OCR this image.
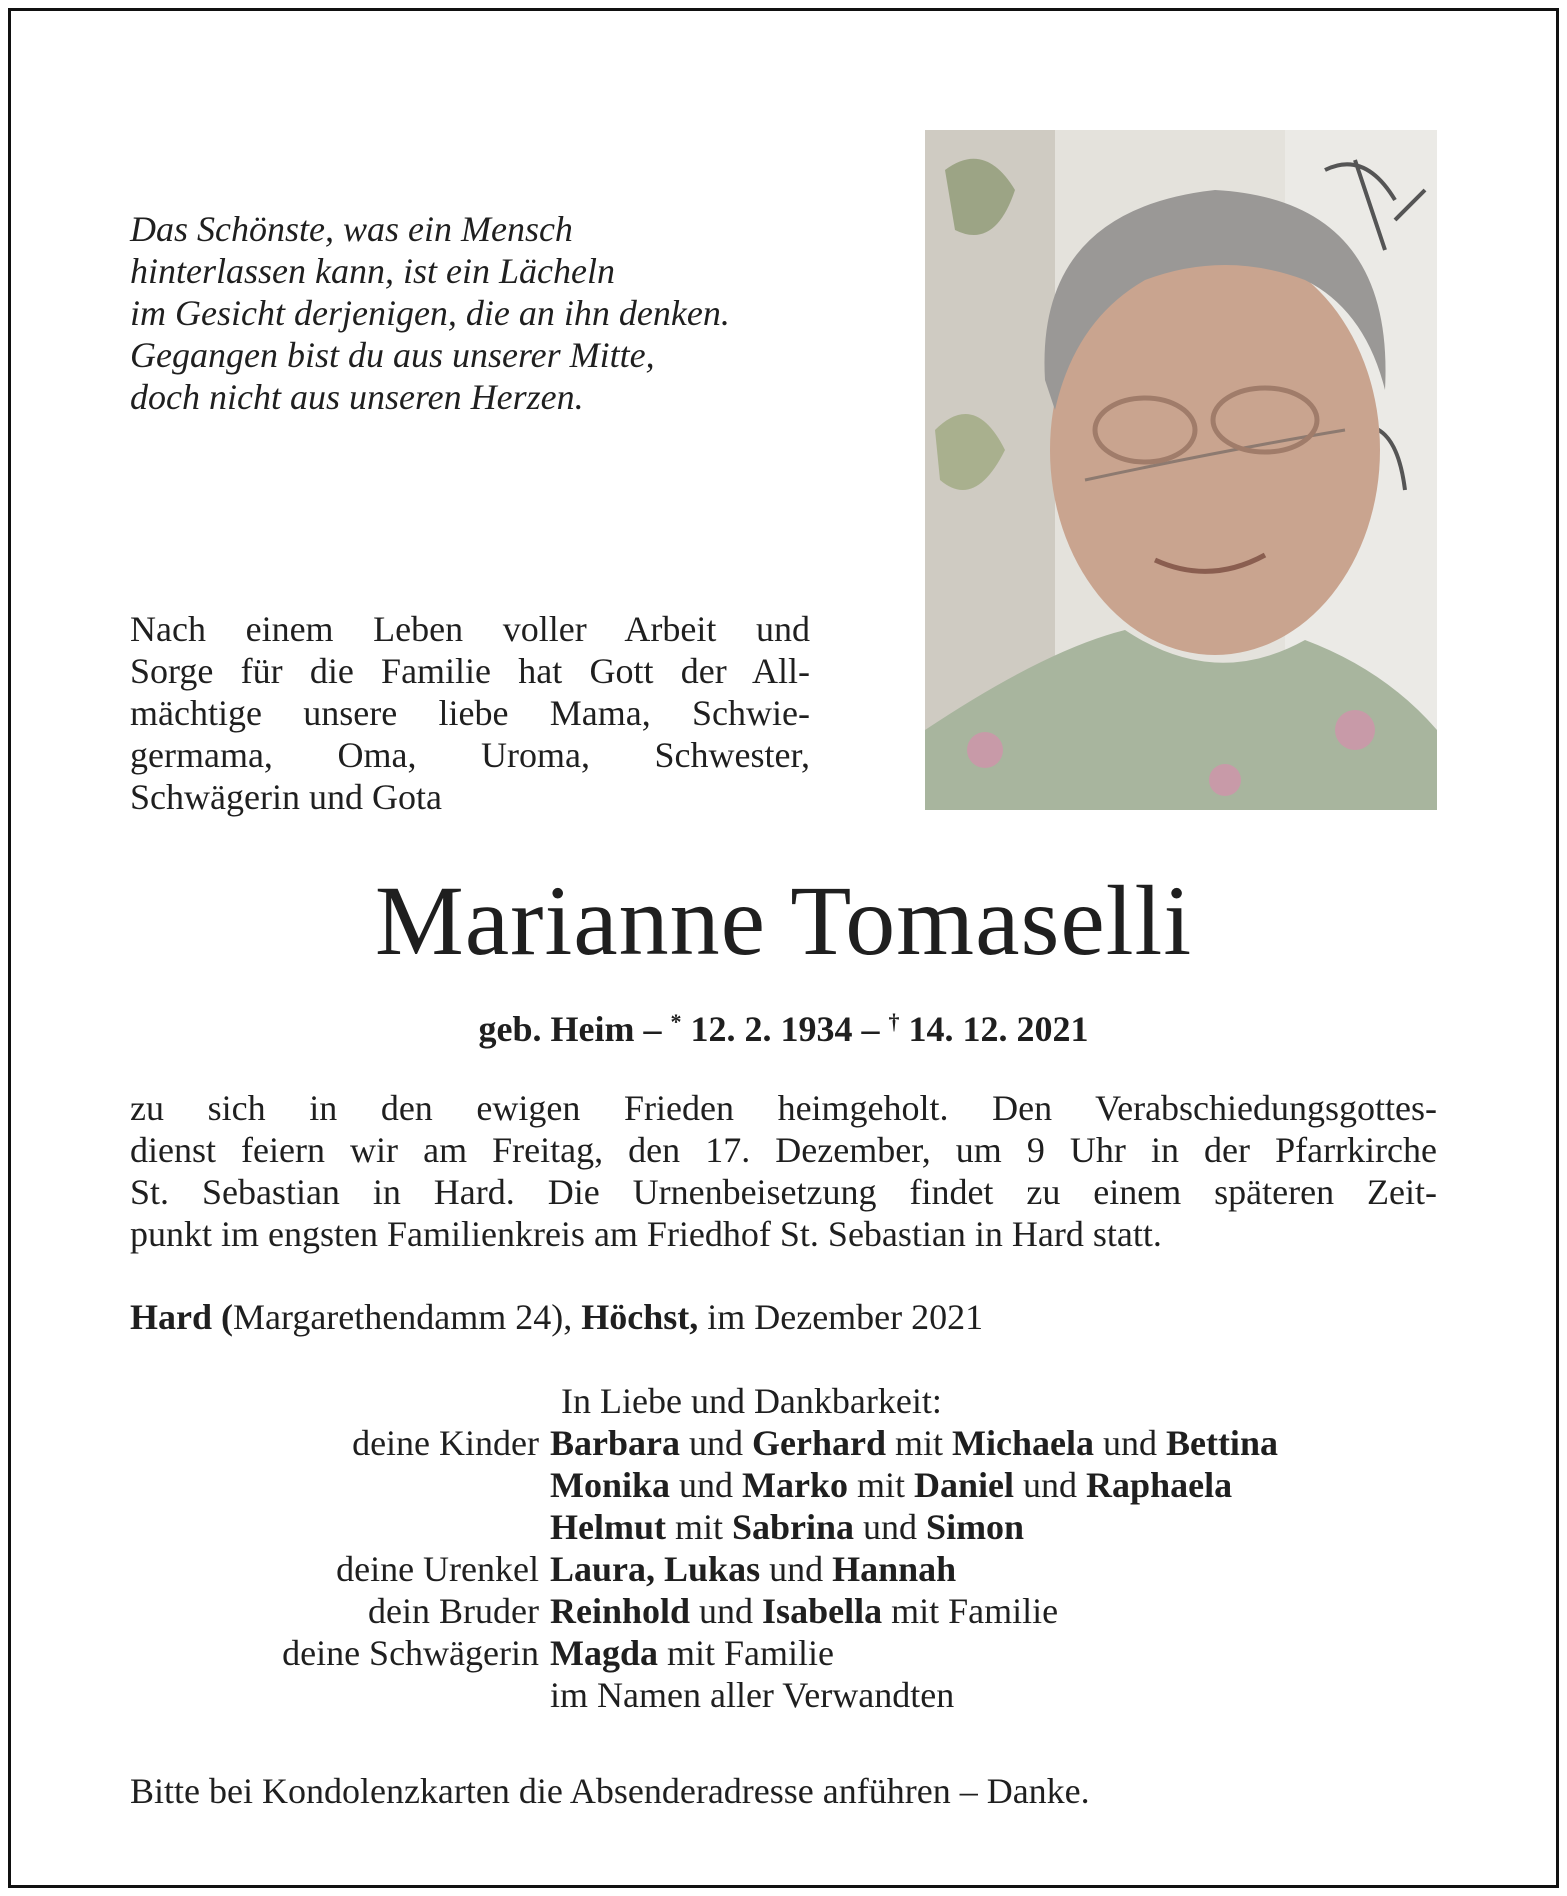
Das Schönste, was ein Mensch
hinterlassen kann, ist ein Lächeln
im Gesicht derjenigen, die an ihn denken.
Gegangen bist du aus unserer Mitte,
doch nicht aus unseren Herzen.
Nach einem Leben voller Arbeit und
Sorge für die Familie hat Gott der All-
mächtige unsere liebe Mama, Schwie-
germama, Oma, Uroma, Schwester,
Schwägerin und Gota
Marianne Tomaselli
geb. Heim – * 12. 2. 1934 – † 14. 12. 2021
zu sich in den ewigen Frieden heimgeholt. Den Verabschiedungsgottes-
dienst feiern wir am Freitag, den 17. Dezember, um 9 Uhr in der Pfarrkirche
St. Sebastian in Hard. Die Urnenbeisetzung findet zu einem späteren Zeit-
punkt im engsten Familienkreis am Friedhof St. Sebastian in Hard statt.
Hard (Margarethendamm 24), Höchst, im Dezember 2021
In Liebe und Dankbarkeit:
deine Kinder Barbara und Gerhard mit Michaela und Bettina
Monika und Marko mit Daniel und Raphaela
Helmut mit Sabrina und Simon
deine Urenkel Laura, Lukas und Hannah
dein Bruder Reinhold und Isabella mit Familie
deine Schwägerin Magda mit Familie
im Namen aller Verwandten
Bitte bei Kondolenzkarten die Absenderadresse anführen – Danke.
